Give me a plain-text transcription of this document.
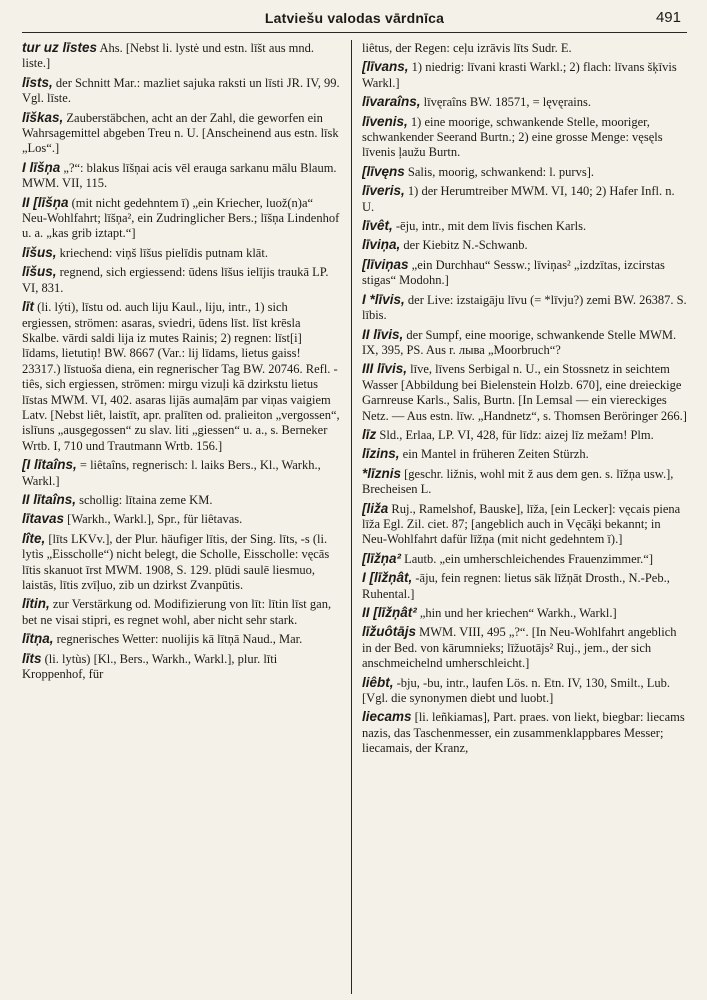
Latviešu valodas vārdnīca	491

tur uz līstes Ahs. [Nebst li. lystė und estn. līšt aus mnd. liste.]

līsts, der Schnitt Mar.: mazliet sajuka raksti un līsti JR. IV, 99. Vgl. līste.

līškas, Zauberstäbchen, acht an der Zahl, die geworfen ein Wahrsagemittel abgeben Treu n. U. [Anscheinend aus estn. līsk „Los“.]

I līšņa „?“: blakus līšņai acis vēl erauga sarkanu mālu Blaum. MWM. VII, 115.

II [līšņa (mit nicht gedehntem ī) „ein Kriecher, luož(n)a“ Neu-Wohlfahrt; līšņa², ein Zudringlicher Bers.; līšņa Lindenhof u. a. „kas grib iztapt.“]

līšus, kriechend: viņš līšus pielīdis putnam klāt.

līšus, regnend, sich ergiessend: ūdens līšus ielījis traukā LP. VI, 831.

līt (li. lýti), līstu od. auch liju Kaul., liju, intr., 1) sich ergiessen, strömen: asaras, sviedri, ūdens līst. līst krēsla Skalbe. vārdi saldi lija iz mutes Rainis; 2) regnen: līst[i] līdams, lietutiņ! BW. 8667 (Var.: lij līdams, lietus gaiss! 23317.) līstuoša diena, ein regnerischer Tag BW. 20746. Refl. -tiês, sich ergiessen, strömen: mirgu vizuļi kā dzirkstu lietus līstas MWM. VI, 402. asaras lijās aumaļām par viņas vaigiem Latv. [Nebst liêt, laistīt, apr. pralīten od. pralieiton „vergossen“, islīuns „ausgegossen“ zu slav. liti „giessen“ u. a., s. Berneker Wrtb. I, 710 und Trautmann Wrtb. 156.]

[I lītaîns, = liêtaîns, regnerisch: l. laiks Bers., Kl., Warkh., Warkl.]

II lītaîns, schollig: lītaina zeme KM.

lītavas [Warkh., Warkl.], Spr., für liêtavas.

lîte, [līts LKVv.], der Plur. häufiger lītis, der Sing. līts, -s (li. lytìs „Eisscholle“) nicht belegt, die Scholle, Eisscholle: vęcās lītis skanuot īrst MWM. 1908, S. 129. plūdi saulē liesmuo, laistās, lītis zvīļuo, zib un dzirkst Zvanpūtis.

lītin, zur Verstärkung od. Modifizierung von līt: lītin līst gan, bet ne visai stipri, es regnet wohl, aber nicht sehr stark.

lītņa, regnerisches Wetter: nuolijis kā lītņā Naud., Mar.

līts (li. lytùs) [Kl., Bers., Warkh., Warkl.], plur. līti Kroppenhof, für

liêtus, der Regen: ceļu izrāvis līts Sudr. E.

[līvans, 1) niedrig: līvani krasti Warkl.; 2) flach: līvans šķīvis Warkl.]

līvaraîns, līvęraîns BW. 18571, = lęvęrains.

līvenis, 1) eine moorige, schwankende Stelle, mooriger, schwankender Seerand Burtn.; 2) eine grosse Menge: vęsęls līvenis ļaužu Burtn.

[līvęns Salis, moorig, schwankend: l. purvs].

līveris, 1) der Herumtreiber MWM. VI, 140; 2) Hafer Infl. n. U.

līvêt, -ēju, intr., mit dem līvis fischen Karls.

līviņa, der Kiebitz N.-Schwanb.

[līviņas „ein Durchhau“ Sessw.; līviņas² „izdzītas, izcirstas stigas“ Modohn.]

I *līvis, der Live: izstaigāju līvu (= *līvju?) zemi BW. 26387. S. lībis.

II līvis, der Sumpf, eine moorige, schwankende Stelle MWM. IX, 395, PS. Aus r. лыва „Moorbruch“?

III līvis, līve, līvens Serbigal n. U., ein Stossnetz in seichtem Wasser [Abbildung bei Bielenstein Holzb. 670], eine dreieckige Garnreuse Karls., Salis, Burtn. [In Lemsal — ein viereckiges Netz. — Aus estn. līw. „Handnetz“, s. Thomsen Beröringer 266.]

līz Sld., Erlaa, LP. VI, 428, für līdz: aizej līz mežam! Plm.

līzins, ein Mantel in früheren Zeiten Stürzh.

*līznis [geschr. ližnis, wohl mit ž aus dem gen. s. līžņa usw.], Brecheisen L.

[liža Ruj., Ramelshof, Bauske], līža, [ein Lecker]: vęcais piena līža Egl. Zil. ciet. 87; [angeblich auch in Vęcāķi bekannt; in Neu-Wohlfahrt dafür līžņa (mit nicht gedehntem ī).]

[līžņa² Lautb. „ein umherschleichendes Frauenzimmer.“]

I [līžņât, -āju, fein regnen: lietus sāk līžņāt Drosth., N.-Peb., Ruhental.]

II [līžņât² „hin und her kriechen“ Warkh., Warkl.]

līžuôtājs MWM. VIII, 495 „?“. [In Neu-Wohlfahrt angeblich in der Bed. von kārumnieks; līžuotājs² Ruj., jem., der sich anschmeichelnd umherschleicht.]

liêbt, -bju, -bu, intr., laufen Lös. n. Etn. IV, 130, Smilt., Lub. [Vgl. die synonymen diebt und luobt.]

liecams [li. leñkiamas], Part. praes. von liekt, biegbar: liecams nazis, das Taschenmesser, ein zusammenklappbares Messer; liecamais, der Kranz,
